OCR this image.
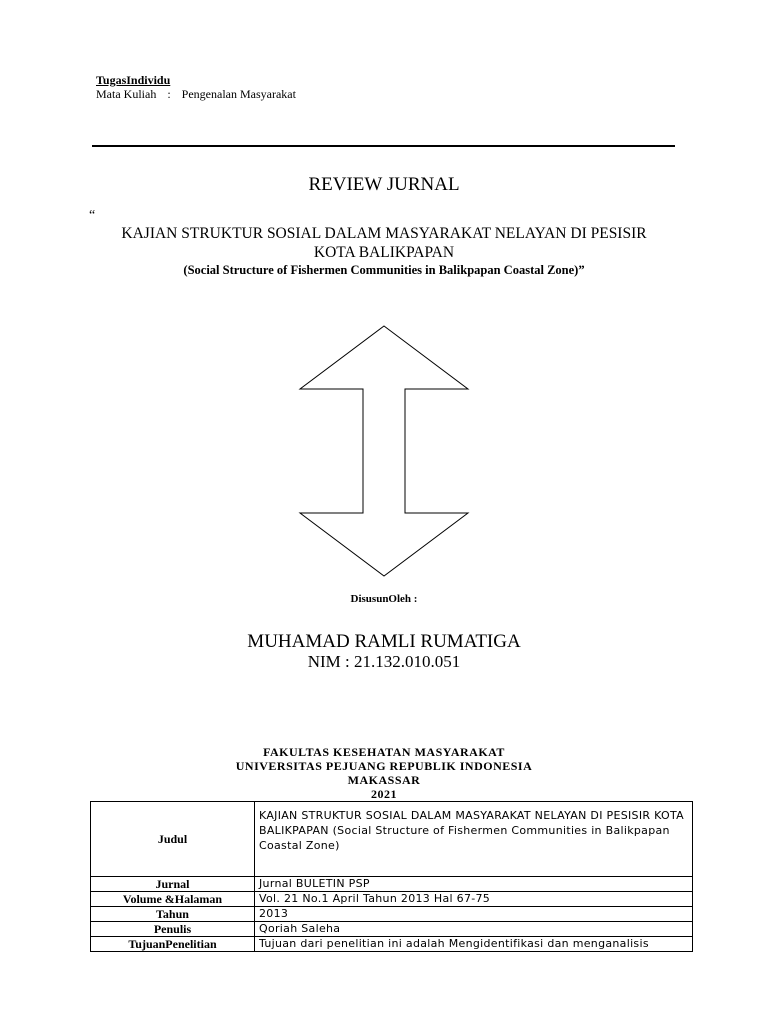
TugasIndividu
Mata Kuliah : Pengenalan Masyarakat
REVIEW JURNAL
“
KAJIAN STRUKTUR SOSIAL DALAM MASYARAKAT NELAYAN DI PESISIR
KOTA BALIKPAPAN
(Social Structure of Fishermen Communities in Balikpapan Coastal Zone)”
DisusunOleh :
MUHAMAD RAMLI RUMATIGA
NIM : 21.132.010.051
FAKULTAS KESEHATAN MASYARAKAT
UNIVERSITAS PEJUANG REPUBLIK INDONESIA
MAKASSAR
2021
Judul	KAJIAN STRUKTUR SOSIAL DALAM MASYARAKAT NELAYAN DI PESISIR KOTA BALIKPAPAN (Social Structure of Fishermen Communities in Balikpapan Coastal Zone)
Jurnal	Jurnal BULETIN PSP
Volume &Halaman	Vol. 21 No.1 April Tahun 2013 Hal 67-75
Tahun	2013
Penulis	Qoriah Saleha
TujuanPenelitian	Tujuan dari penelitian ini adalah Mengidentifikasi dan menganalisis
